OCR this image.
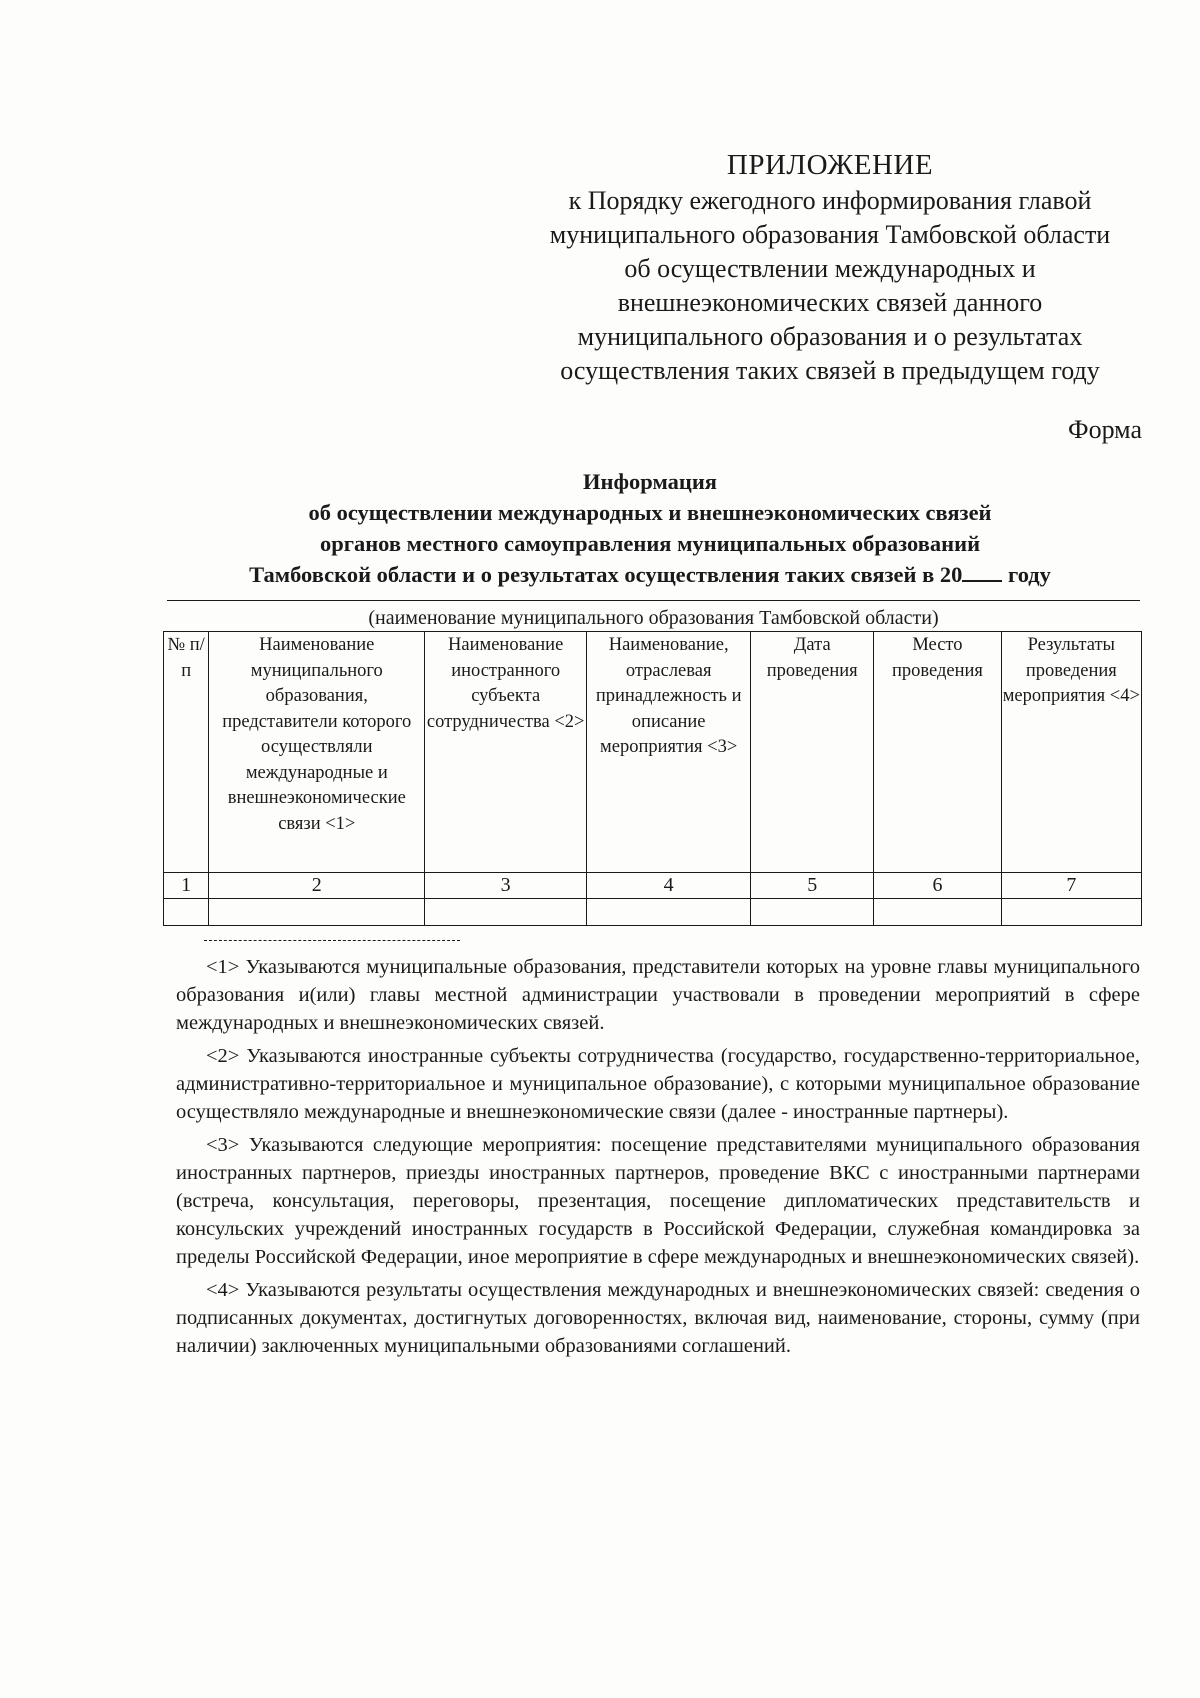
ПРИЛОЖЕНИЕ
к Порядку ежегодного информирования главой
муниципального образования Тамбовской области
об осуществлении международных и
внешнеэкономических связей данного
муниципального образования и о результатах
осуществления таких связей в предыдущем году
Форма
Информация
об осуществлении международных и внешнеэкономических связей
органов местного самоуправления муниципальных образований
Тамбовской области и о результатах осуществления таких связей в 20 году
(наименование муниципального образования Тамбовской области)
№ п/п	Наименование муниципального образования, представители которого осуществляли международные и внешнеэкономические связи <1>	Наименование иностранного субъекта сотрудничества <2>	Наименование, отраслевая принадлежность и описание мероприятия <3>	Дата проведения	Место проведения	Результаты проведения мероприятия <4>

1	2	3	4	5	6	7

<1> Указываются муниципальные образования, представители которых на уровне главы муниципального образования и(или) главы местной администрации участвовали в проведении мероприятий в сфере международных и внешнеэкономических связей.

<2> Указываются иностранные субъекты сотрудничества (государство, государственно-территориальное, административно-территориальное и муниципальное образование), с которыми муниципальное образование осуществляло международные и внешнеэкономические связи (далее - иностранные партнеры).

<3> Указываются следующие мероприятия: посещение представителями муниципального образования иностранных партнеров, приезды иностранных партнеров, проведение ВКС с иностранными партнерами (встреча, консультация, переговоры, презентация, посещение дипломатических представительств и консульских учреждений иностранных государств в Российской Федерации, служебная командировка за пределы Российской Федерации, иное мероприятие в сфере международных и внешнеэкономических связей).

<4> Указываются результаты осуществления международных и внешнеэкономических связей: сведения о подписанных документах, достигнутых договоренностях, включая вид, наименование, стороны, сумму (при наличии) заключенных муниципальными образованиями соглашений.
